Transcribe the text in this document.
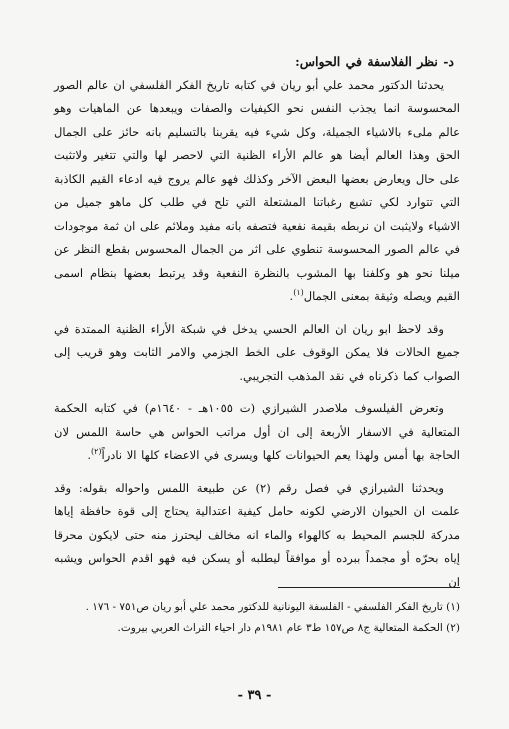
د- نظر الفلاسفة في الحواس:

يحدثنا الدكتور محمد علي أبو ريان في كتابه تاريخ الفكر الفلسفي ان عالم الصور المحسوسة انما يجذب النفس نحو الكيفيات والصفات ويبعدها عن الماهيات وهو عالم ملىء بالاشياء الجميلة، وكل شيء فيه يقربنا بالتسليم بانه حائز على الجمال الحق وهذا العالم أيضا هو عالم الأراء الظنية التي لاحصر لها والتي تتغير ولاتثبت على حال ويعارض بعضها البعض الآخر وكذلك فهو عالم يروج فيه ادعاء القيم الكاذبة التي تتوارد لكي تشبع رغباتنا المشتعلة التي تلح في طلب كل ماهو جميل من الاشياء ولايثبت ان نربطه بقيمة نفعية فتصفه بانه مفيد وملائم على ان ثمة موجودات في عالم الصور المحسوسة تنطوي على اثر من الجمال المحسوس بقطع النظر عن ميلنا نحو هو وكلفنا بها المشوب بالنظرة النفعية وقد يرتبط بعضها بنظام اسمى القيم ويصله وثيقة بمعنى الجمال$^{(١)}$.

وقد لاحظ ابو ريان ان العالم الحسي يدخل في شبكة الأراء الظنية الممتدة في جميع الحالات فلا يمكن الوقوف على الخط الجزمي والامر الثابت وهو قريب إلى الصواب كما ذكرناه في نقد المذهب التجريبي.

وتعرض الفيلسوف ملاصدر الشيرازي (ت ١٠٥٥هـ - ١٦٤٠م) في كتابه الحكمة المتعالية في الاسفار الأربعة إلى ان أول مراتب الحواس هي حاسة اللمس لان الحاجة بها أمس ولهذا يعم الحيوانات كلها ويسرى في الاعضاء كلها الا نادراً$^{(٢)}$.

ويحدثنا الشيرازي في فصل رقم (٢) عن طبيعة اللمس واحواله بقوله: وقد علمت ان الحيوان الارضي لكونه حامل كيفية اعتدالية يحتاج إلى قوة حافظة إياها مدركة للجسم المحيط به كالهواء والماء انه مخالف ليحترز منه حتى لايكون محرقا إياه بحرّه أو مجمداً ببرده أو موافقاً ليطلبه أو يسكن فيه فهو اقدم الحواس ويشبه ان

(١) تاريخ الفكر الفلسفي - الفلسفة اليونانية للدكتور محمد علي أبو ريان ص٧٥١ - ١٧٦ .

(٢) الحكمة المتعالية ج٨ ص١٥٧ ط٣ عام ١٩٨١م دار احياء التراث العربي بيروت.

- ٣٩ -
